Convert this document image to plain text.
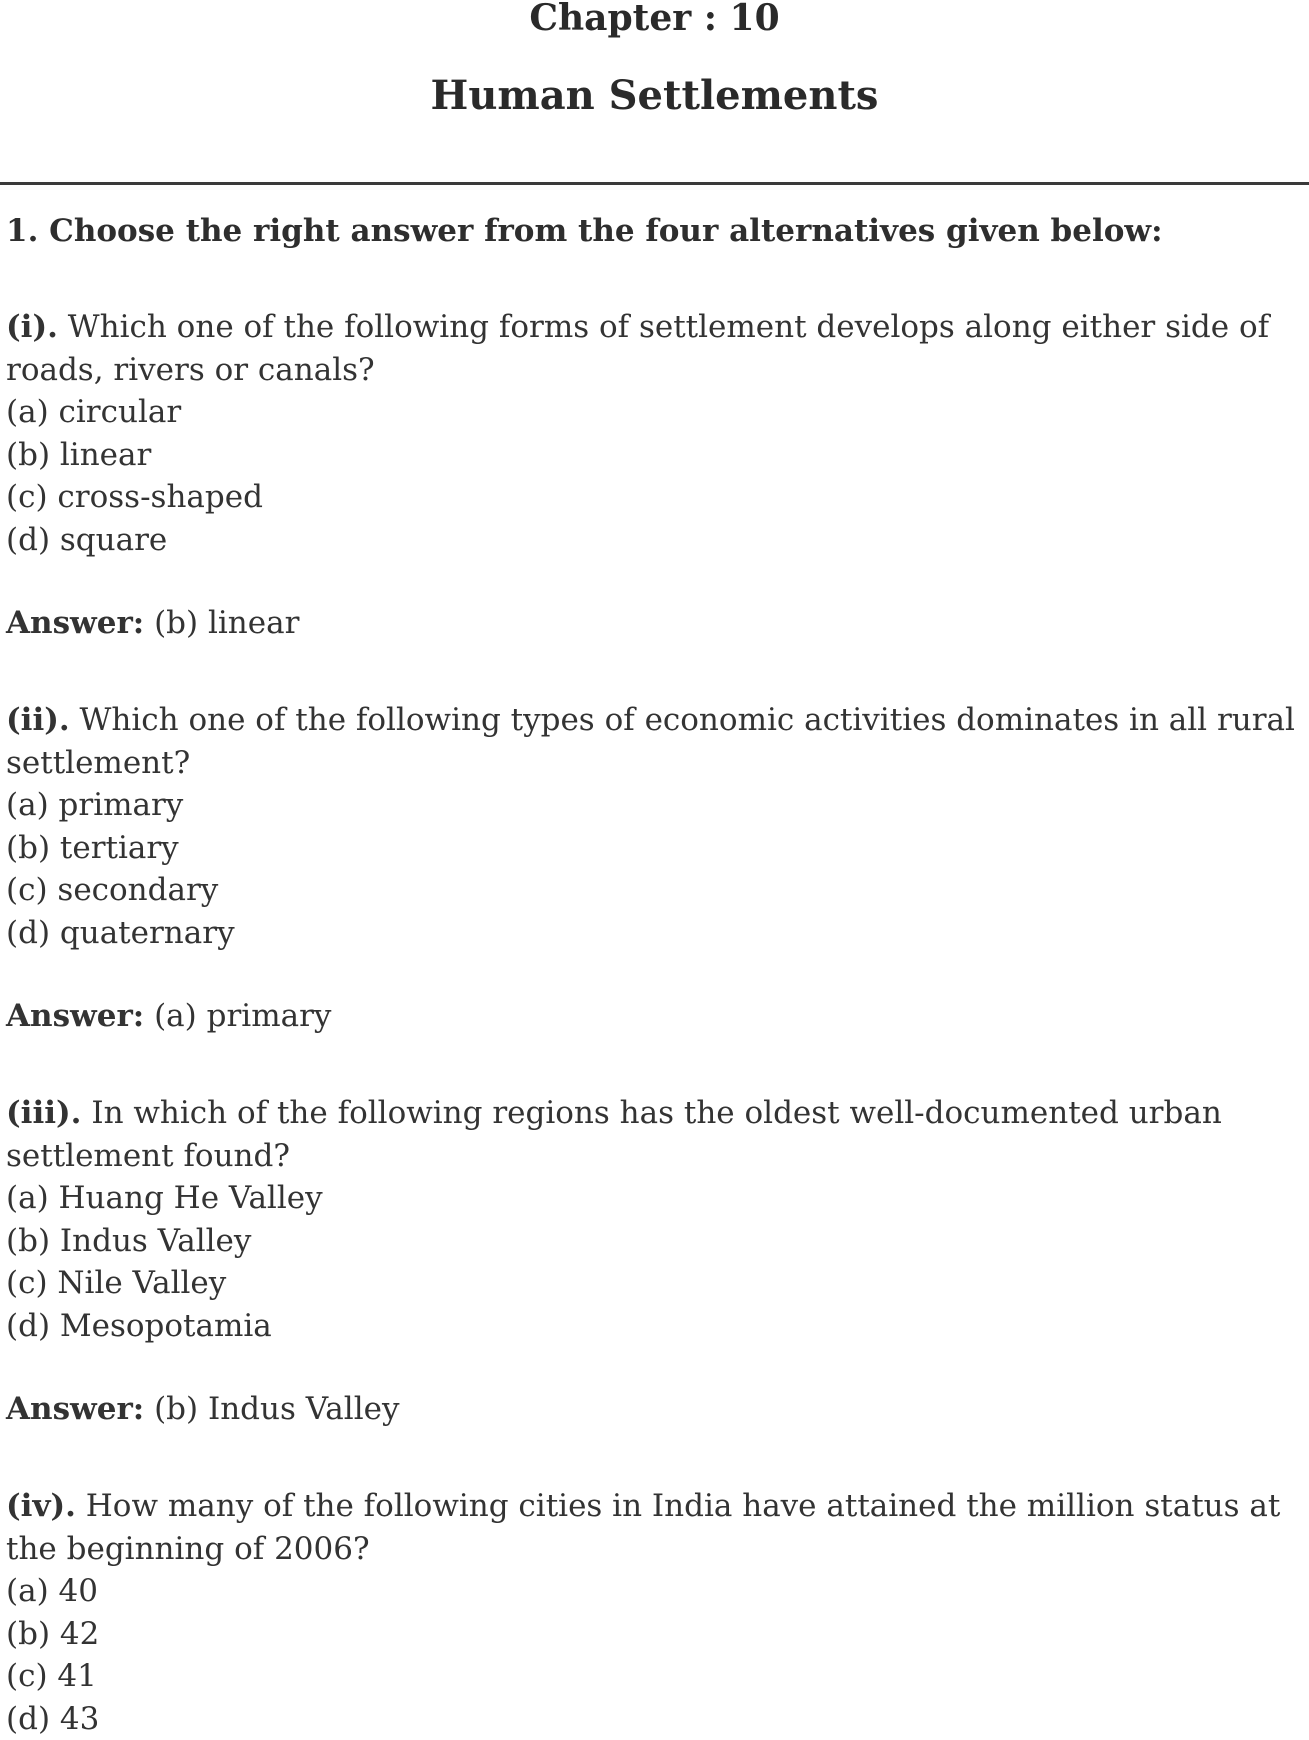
Chapter : 10
Human Settlements
1. Choose the right answer from the four alternatives given below:

(i). Which one of the following forms of settlement develops along either side of roads, rivers or canals?

(a) circular

(b) linear

(c) cross-shaped

(d) square

Answer: (b) linear

(ii). Which one of the following types of economic activities dominates in all rural settlement?

(a) primary

(b) tertiary

(c) secondary

(d) quaternary

Answer: (a) primary

(iii). In which of the following regions has the oldest well-documented urban settlement found?

(a) Huang He Valley

(b) Indus Valley

(c) Nile Valley

(d) Mesopotamia

Answer: (b) Indus Valley

(iv). How many of the following cities in India have attained the million status at the beginning of 2006?

(a) 40

(b) 42

(c) 41

(d) 43
